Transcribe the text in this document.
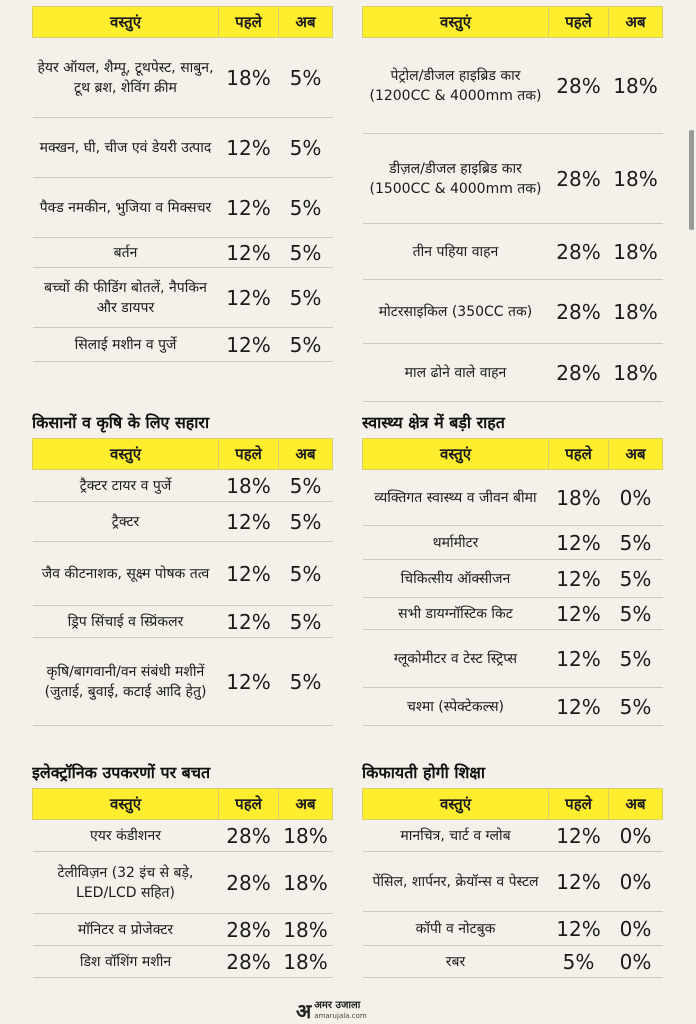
वस्तुएं	पहले	अब
हेयर ऑयल, शैम्पू, टूथपेस्ट, साबुन, टूथ ब्रश, शेविंग क्रीम	18%	5%
मक्खन, घी, चीज एवं डेयरी उत्पाद	12%	5%
पैक्ड नमकीन, भुजिया व मिक्सचर	12%	5%
बर्तन	12%	5%
बच्चों की फीडिंग बोतलें, नैपकिन और डायपर	12%	5%
सिलाई मशीन व पुर्जे	12%	5%
वस्तुएं	पहले	अब
पेट्रोल/डीजल हाइब्रिड कार (1200CC & 4000mm तक)	28%	18%
डीज़ल/डीजल हाइब्रिड कार (1500CC & 4000mm तक)	28%	18%
तीन पहिया वाहन	28%	18%
मोटरसाइकिल (350CC तक)	28%	18%
माल ढोने वाले वाहन	28%	18%
किसानों व कृषि के लिए सहारा
वस्तुएं	पहले	अब
ट्रैक्टर टायर व पुर्जे	18%	5%
ट्रैक्टर	12%	5%
जैव कीटनाशक, सूक्ष्म पोषक तत्व	12%	5%
ड्रिप सिंचाई व स्प्रिंकलर	12%	5%
कृषि/बागवानी/वन संबंधी मशीनें (जुताई, बुवाई, कटाई आदि हेतु)	12%	5%
स्वास्थ्य क्षेत्र में बड़ी राहत
वस्तुएं	पहले	अब
व्यक्तिगत स्वास्थ्य व जीवन बीमा	18%	0%
थर्मामीटर	12%	5%
चिकित्सीय ऑक्सीजन	12%	5%
सभी डायग्नॉस्टिक किट	12%	5%
ग्लूकोमीटर व टेस्ट स्ट्रिप्स	12%	5%
चश्मा (स्पेक्टेकल्स)	12%	5%
इलेक्ट्रॉनिक उपकरणों पर बचत
वस्तुएं	पहले	अब
एयर कंडीशनर	28%	18%
टेलीविज़न (32 इंच से बड़े, LED/LCD सहित)	28%	18%
मॉनिटर व प्रोजेक्टर	28%	18%
डिश वॉशिंग मशीन	28%	18%
किफायती होगी शिक्षा
वस्तुएं	पहले	अब
मानचित्र, चार्ट व ग्लोब	12%	0%
पेंसिल, शार्पनर, क्रेयॉन्स व पेस्टल	12%	0%
कॉपी व नोटबुक	12%	0%
रबर	5%	0%
अ अमर उजाला
amarujala.com
